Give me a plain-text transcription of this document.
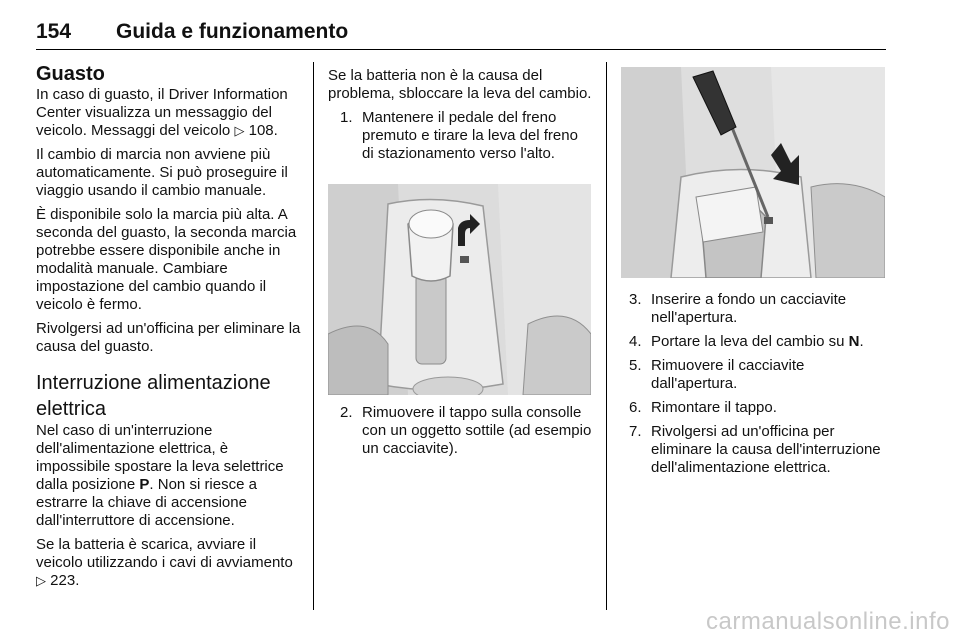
154 Guida e funzionamento
Guasto

In caso di guasto, il Driver Information Center visualizza un messaggio del veicolo. Messaggi del veicolo ▷ 108.

Il cambio di marcia non avviene più automaticamente. Si può proseguire il viaggio usando il cambio manuale.

È disponibile solo la marcia più alta. A seconda del guasto, la seconda marcia potrebbe essere disponibile anche in modalità manuale. Cambiare impostazione del cambio quando il veicolo è fermo.

Rivolgersi ad un'officina per eliminare la causa del guasto.

Interruzione alimentazione elettrica

Nel caso di un'interruzione dell'alimentazione elettrica, è impossibile spostare la leva selettrice dalla posizione P. Non si riesce a estrarre la chiave di accensione dall'interruttore di accensione.

Se la batteria è scarica, avviare il veicolo utilizzando i cavi di avviamento ▷ 223.

Se la batteria non è la causa del problema, sbloccare la leva del cambio.

1. Mantenere il pedale del freno premuto e tirare la leva del freno di stazionamento verso l'alto.
2. Rimuovere il tappo sulla consolle con un oggetto sottile (ad esempio un cacciavite).
3. Inserire a fondo un cacciavite nell'apertura.
4. Portare la leva del cambio su N.
5. Rimuovere il cacciavite dall'apertura.
6. Rimontare il tappo.
7. Rivolgersi ad un'officina per eliminare la causa dell'interruzione dell'alimentazione elettrica.
carmanualsonline.info
